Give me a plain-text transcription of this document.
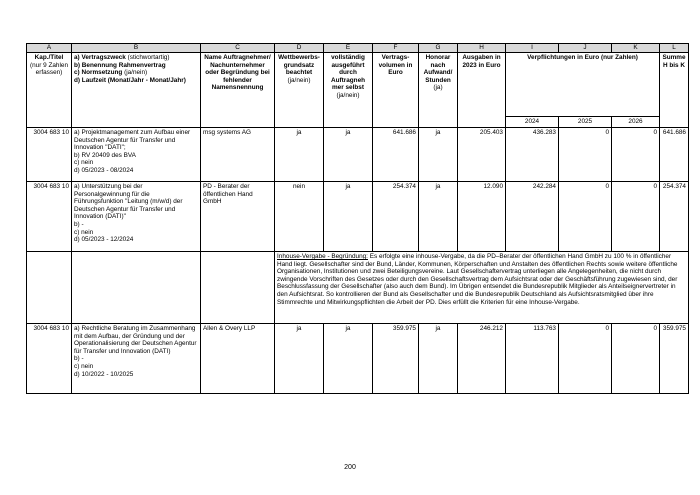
A	B	C	D	E	F	G	H	I	J	K	L

Kap./Titel
(nur 9 Zahlen erfassen)	a) Vertragszweck (stichwortartig)
b) Benennung Rahmenvertrag
c) Normsetzung (ja/nein)
d) Laufzeit (Monat/Jahr - Monat/Jahr)	Name Auftragnehmer/ Nachunternehmer oder Begründung bei fehlender Namensnennung	Wettbewerbs-grundsatz beachtet
(ja/nein)	vollständig ausgeführt durch Auftragneh mer selbst
(ja/nein)	Vertrags-volumen in Euro	Honorar nach Aufwand/ Stunden
(ja)	Ausgaben in 2023 in Euro	Verpflichtungen in Euro (nur Zahlen)			Summe H bis K
								2024	2025	2026	
3004 683 10	a) Projektmanagement zum Aufbau einer Deutschen Agentur für Transfer und Innovation "DATI";
b) RV 20409 des BVA
c) nein
d) 05/2023 - 08/2024	msg systems AG	ja	ja	641.686	ja	205.403	436.283	0	0	641.686
3004 683 10	a) Unterstützung bei der Personalgewinnung für die Führungsfunktion "Leitung (m/w/d) der Deutschen Agentur für Transfer und Innovation (DATI)"
b) -
c) nein
d) 05/2023 - 12/2024	PD - Berater der öffentlichen Hand GmbH	nein	ja	254.374	ja	12.090	242.284	0	0	254.374
			Inhouse-Vergabe - Begründung: Es erfolgte eine inhouse-Vergabe, da die PD–Berater der öffentlichen Hand GmbH zu 100 % in öffentlicher Hand liegt. Gesellschafter sind der Bund, Länder, Kommunen, Körperschaften und Anstalten des öffentlichen Rechts sowie weitere öffentliche Organisationen, Institutionen und zwei Beteiligungsvereine. Laut Gesellschaftervertrag unterliegen alle Angelegenheiten, die nicht durch zwingende Vorschriften des Gesetzes oder durch den Gesellschaftsvertrag dem Aufsichtsrat oder der Geschäftsführung zugewiesen sind, der Beschlussfassung der Gesellschafter (also auch dem Bund). Im Übrigen entsendet die Bundesrepublik Mitglieder als Anteilseignervertreter in den Aufsichtsrat. So kontrollieren der Bund als Gesellschafter und die Bundesrepublik Deutschland als Aufsichtsratsmitglied über ihre Stimmrechte und Mitwirkungspflichten die Arbeit der PD. Dies erfüllt die Kriterien für eine Inhouse-Vergabe.								
3004 683 10	a) Rechtliche Beratung im Zusammenhang mit dem Aufbau, der Gründung und der Operationalisierung der Deutschen Agentur für Transfer und Innovation (DATI)
b) -
c) nein
d) 10/2022 - 10/2025	Allen & Overy LLP	ja	ja	359.975	ja	246.212	113.763	0	0	359.975
200
